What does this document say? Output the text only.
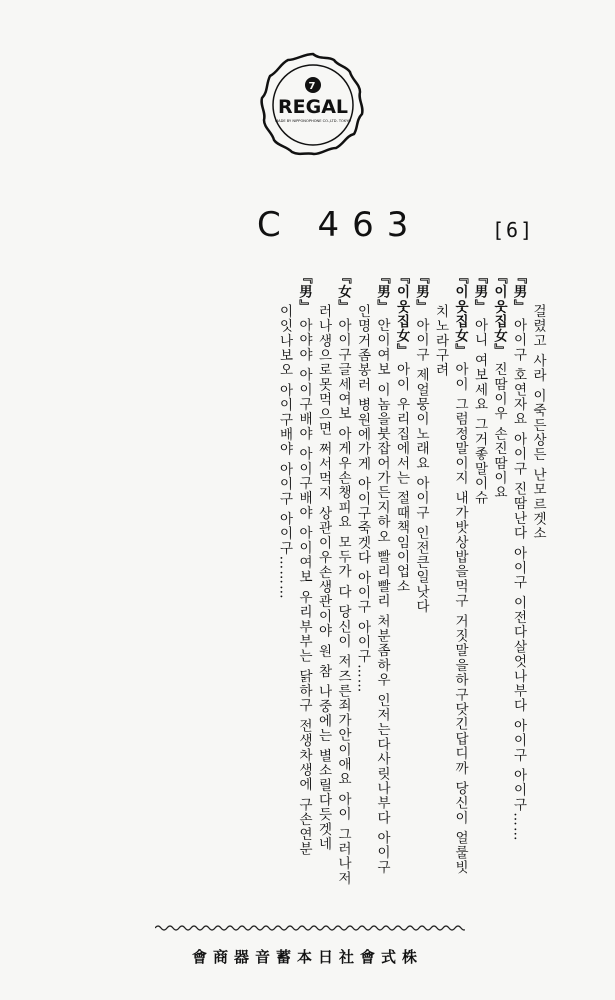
7
REGAL
MADE BY NIPPONOPHONE CO.,LTD. TOKYO
C 463	[6]
걸렸고 사라 이죽든상든 난모르겟소
『男』아이구 호연자요 아이구 진땀난다 아이구 이전다살엇나부다 아이구 아이구……
『이웃집女』진땀이우 손진땀이요
『男』아니 여보세요 그거좋말이슈
『이웃집女』아이 그럼정말이지 내가밧상밥을먹구 거짓말을하구닷긴답디까 당신이 얼룰빗
치노라구려
『男』아이구 제얼뭉이노래요 아이구 인전큰일낫다
『이웃집女』아이 우리집에서는 절때책임이업소
『男』안이여보 이놈을붓잡어가든지하오 빨리빨리 처분좀하우 인저는다사릿나부다 아이구
인명거좀봉러 병원에가게 아이구죽겟다 아이구 아이구……
『女』아이구글세여보 아게우손챙피요 모두가 다 당신이 저즈른죄가안이애요 아이 그러나저
러나생으로못먹으면 쩌서먹지 상관이우손생관이야 원 참 나중에는 별소릴다듯겟네
『男』아야야 아이구배야 아이구배야 아이여보 우리부부는 닭하구 전생차생에 구손연분
이잇나보오 아이구배야 아이구 아이구………
會商器音蓄本日社會式株
